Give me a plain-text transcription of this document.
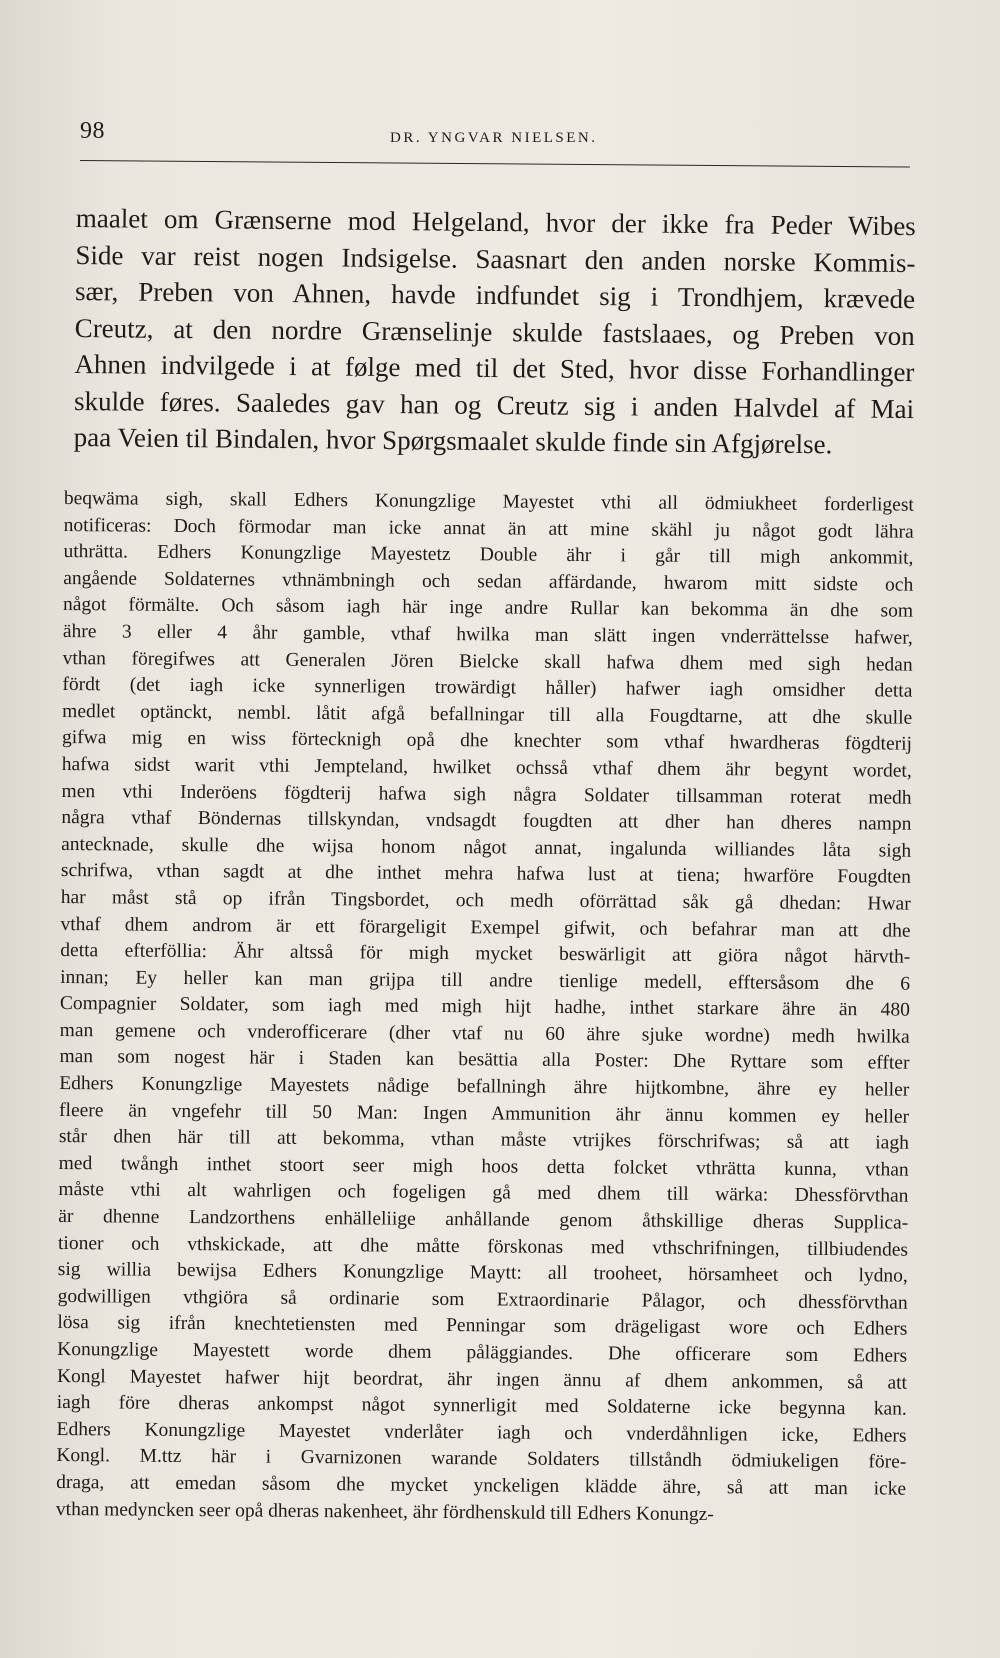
98	DR. YNGVAR NIELSEN.
maalet om Grænserne mod Helgeland, hvor der ikke fra Peder Wibes
Side var reist nogen Indsigelse. Saasnart den anden norske Kommis-
sær, Preben von Ahnen, havde indfundet sig i Trondhjem, krævede
Creutz, at den nordre Grænselinje skulde fastslaaes, og Preben von
Ahnen indvilgede i at følge med til det Sted, hvor disse Forhandlinger
skulde føres. Saaledes gav han og Creutz sig i anden Halvdel af Mai
paa Veien til Bindalen, hvor Spørgsmaalet skulde finde sin Afgjørelse.
beqwäma sigh, skall Edhers Konungzlige Mayestet vthi all ödmiukheet forderligest
notificeras: Doch förmodar man icke annat än att mine skähl ju något godt lähra
uthrätta. Edhers Konungzlige Mayestetz Double ähr i går till migh ankommit,
angående Soldaternes vthnämbningh och sedan affärdande, hwarom mitt sidste och
något förmälte. Och såsom iagh här inge andre Rullar kan bekomma än dhe som
ähre 3 eller 4 åhr gamble, vthaf hwilka man slätt ingen vnderrättelsse hafwer,
vthan föregifwes att Generalen Jören Bielcke skall hafwa dhem med sigh hedan
fördt (det iagh icke synnerligen trowärdigt håller) hafwer iagh omsidher detta
medlet optänckt, nembl. låtit afgå befallningar till alla Fougdtarne, att dhe skulle
gifwa mig en wiss förtecknigh opå dhe knechter som vthaf hwardheras fögdterij
hafwa sidst warit vthi Jempteland, hwilket ochsså vthaf dhem ähr begynt wordet,
men vthi Inderöens fögdterij hafwa sigh några Soldater tillsamman roterat medh
några vthaf Böndernas tillskyndan, vndsagdt fougdten att dher han dheres nampn
antecknade, skulle dhe wijsa honom något annat, ingalunda williandes låta sigh
schrifwa, vthan sagdt at dhe inthet mehra hafwa lust at tiena; hwarföre Fougdten
har måst stå op ifrån Tingsbordet, och medh oförrättad såk gå dhedan: Hwar
vthaf dhem androm är ett förargeligit Exempel gifwit, och befahrar man att dhe
detta efterföllia: Ähr altsså för migh mycket beswärligit att giöra något härvth-
innan; Ey heller kan man grijpa till andre tienlige medell, efftersåsom dhe 6
Compagnier Soldater, som iagh med migh hijt hadhe, inthet starkare ähre än 480
man gemene och vnderofficerare (dher vtaf nu 60 ähre sjuke wordne) medh hwilka
man som nogest här i Staden kan besättia alla Poster: Dhe Ryttare som effter
Edhers Konungzlige Mayestets nådige befallningh ähre hijtkombne, ähre ey heller
fleere än vngefehr till 50 Man: Ingen Ammunition ähr ännu kommen ey heller
står dhen här till att bekomma, vthan måste vtrijkes förschrifwas; så att iagh
med twångh inthet stoort seer migh hoos detta folcket vthrätta kunna, vthan
måste vthi alt wahrligen och fogeligen gå med dhem till wärka: Dhessförvthan
är dhenne Landzorthens enhälleliige anhållande genom åthskillige dheras Supplica-
tioner och vthskickade, att dhe måtte förskonas med vthschrifningen, tillbiudendes
sig willia bewijsa Edhers Konungzlige Maytt: all trooheet, hörsamheet och lydno,
godwilligen vthgiöra så ordinarie som Extraordinarie Pålagor, och dhessförvthan
lösa sig ifrån knechtetiensten med Penningar som drägeligast wore och Edhers
Konungzlige Mayestett worde dhem påläggiandes. Dhe officerare som Edhers
Kongl Mayestet hafwer hijt beordrat, ähr ingen ännu af dhem ankommen, så att
iagh före dheras ankompst något synnerligit med Soldaterne icke begynna kan.
Edhers Konungzlige Mayestet vnderlåter iagh och vnderdåhnligen icke, Edhers
Kongl. M.ttz här i Gvarnizonen warande Soldaters tillståndh ödmiukeligen före-
draga, att emedan såsom dhe mycket ynckeligen klädde ähre, så att man icke
vthan medyncken seer opå dheras nakenheet, ähr fördhenskuld till Edhers Konungz-
